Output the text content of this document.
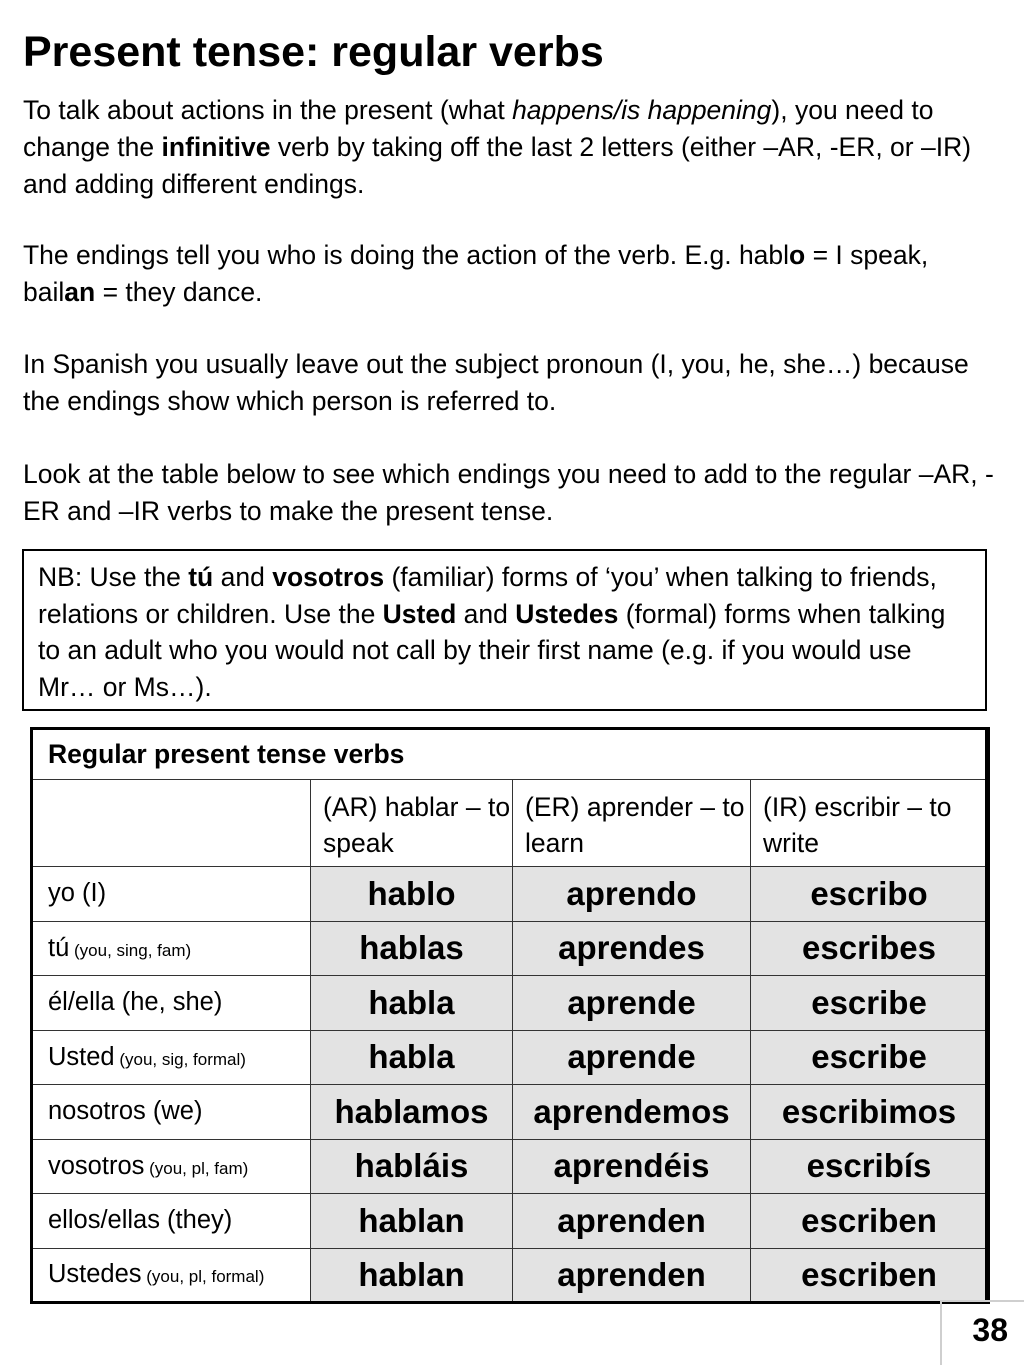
Present tense: regular verbs

To talk about actions in the present (what happens/is happening), you need to change the infinitive verb by taking off the last 2 letters (either –AR, -ER, or –IR) and adding different endings.

The endings tell you who is doing the action of the verb. E.g. hablo = I speak, bailan = they dance.

In Spanish you usually leave out the subject pronoun (I, you, he, she…) because the endings show which person is referred to.

Look at the table below to see which endings you need to add to the regular –AR, -ER and –IR verbs to make the present tense.

NB: Use the tú and vosotros (familiar) forms of ‘you’ when talking to friends, relations or children. Use the Usted and Ustedes (formal) forms when talking to an adult who you would not call by their first name (e.g. if you would use Mr… or Ms…).
Regular present tense verbs			
	(AR) hablar – to speak	(ER) aprender – to learn	(IR) escribir – to write
yo (I)	hablo	aprendo	escribo
tú (you, sing, fam)	hablas	aprendes	escribes
él/ella (he, she)	habla	aprende	escribe
Usted (you, sig, formal)	habla	aprende	escribe
nosotros (we)	hablamos	aprendemos	escribimos
vosotros (you, pl, fam)	habláis	aprendéis	escribís
ellos/ellas (they)	hablan	aprenden	escriben
Ustedes (you, pl, formal)	hablan	aprenden	escriben
38
